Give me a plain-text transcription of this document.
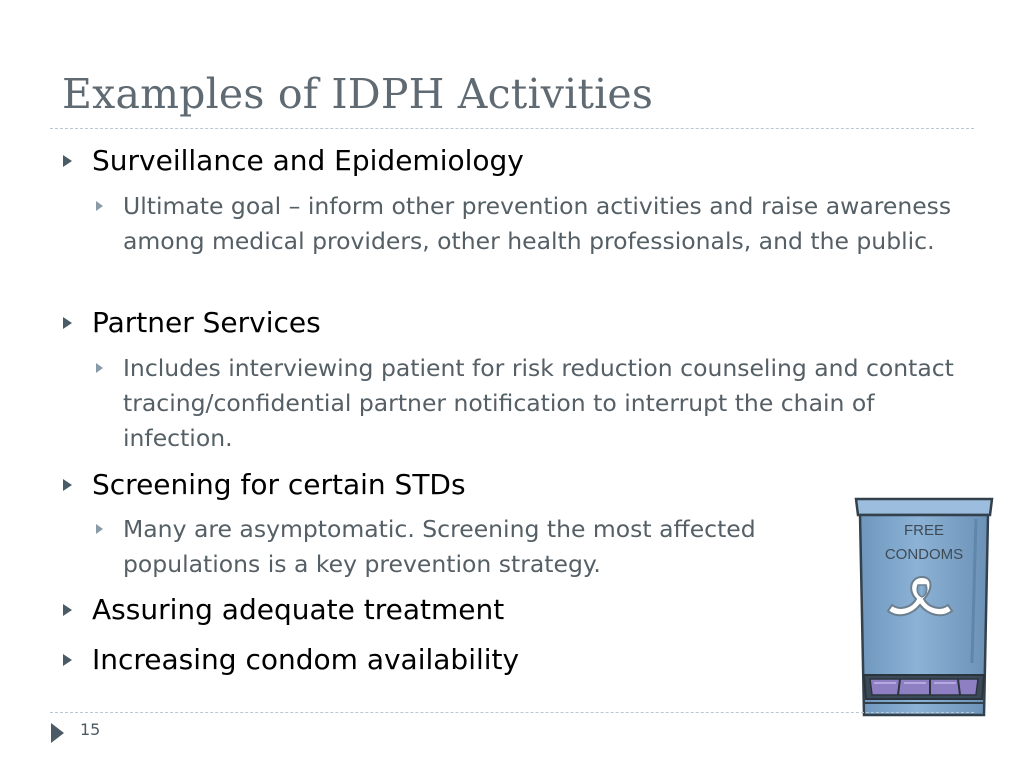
Examples of IDPH Activities
Surveillance and Epidemiology
Ultimate goal – inform other prevention activities and raise awareness among medical providers, other health professionals, and the public.
Partner Services
Includes interviewing patient for risk reduction counseling and contact tracing/confidential partner notification to interrupt the chain of infection.
Screening for certain STDs
Many are asymptomatic. Screening the most affected populations is a key prevention strategy.
Assuring adequate treatment
Increasing condom availability
FREE
CONDOMS
15
